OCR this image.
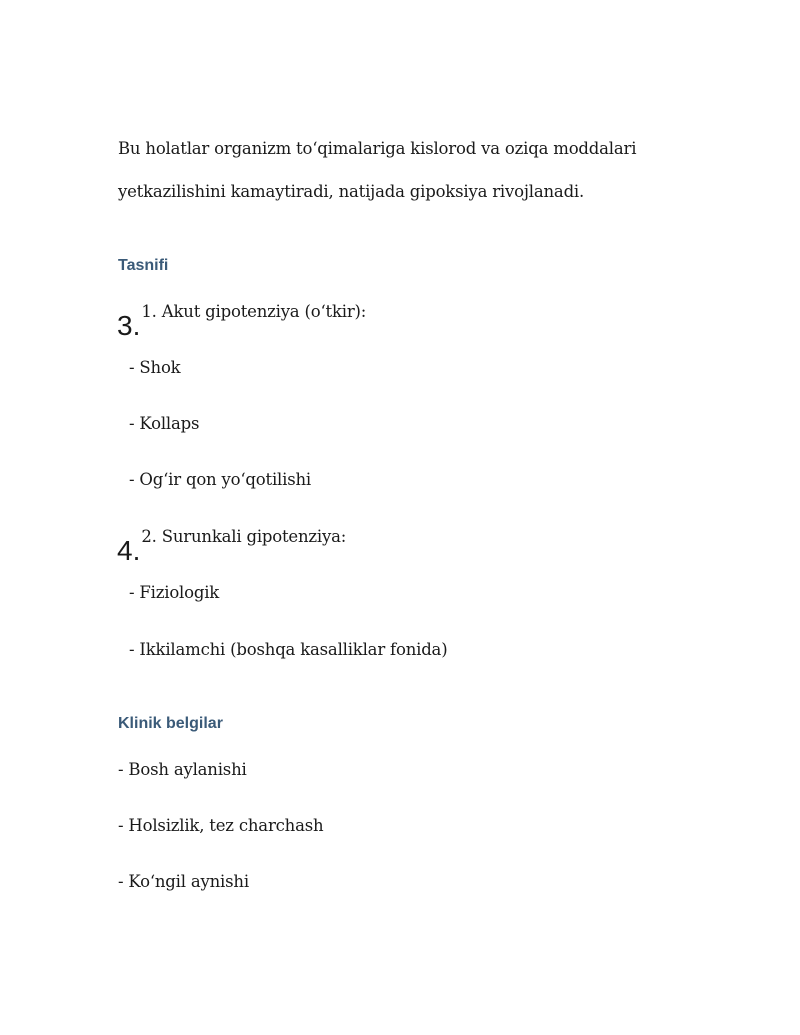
Bu holatlar organizm to‘qimalariga kislorod va oziqa moddalari
yetkazilishini kamaytiradi, natijada gipoksiya rivojlanadi.
Tasnifi
3.1. Akut gipotenziya (o‘tkir):
- Shok
- Kollaps
- Og‘ir qon yo‘qotilishi
4.2. Surunkali gipotenziya:
- Fiziologik
- Ikkilamchi (boshqa kasalliklar fonida)
Klinik belgilar
- Bosh aylanishi
- Holsizlik, tez charchash
- Ko‘ngil aynishi
